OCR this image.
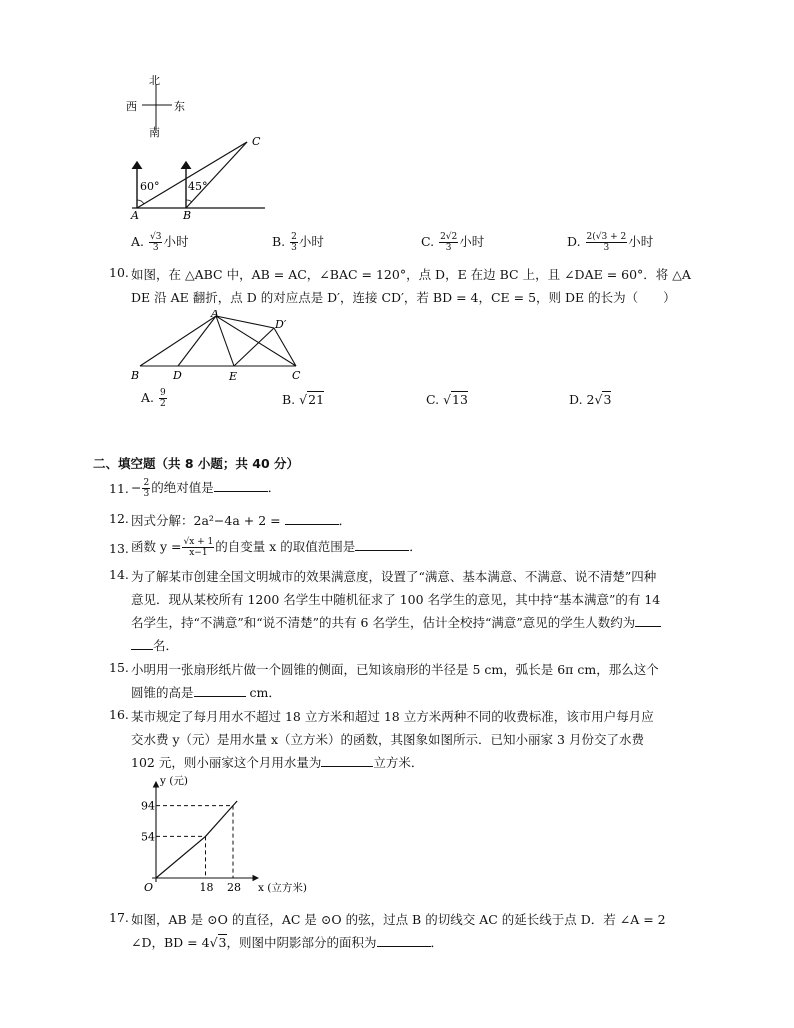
北
南
西	东
60°	45°
A	B
C
A. $\frac{√3}{3}$ 小时	B. $\frac{2}{3}$ 小时	C. $\frac{2√2}{3}$ 小时	D. $\frac{2(√3 + 2}{3}$ 小时
10. 如图，在 △ABC 中，AB = AC，∠BAC = 120°，点 D，E 在边 BC 上，且 ∠DAE = 60°．将 △A
DE 沿 AE 翻折，点 D 的对应点是 D′，连接 CD′，若 BD = 4，CE = 5，则 DE 的长为（　　）
A
B	D	E	C
D′
A. $\frac{9}{2}$	B. √21	C. √13	D. 2√3
二、填空题（共 8 小题；共 40 分）
11. − $\frac{2}{3}$ 的绝对值是	．
12. 因式分解：2a²−4a + 2 =	．
13. 函数 $y = \frac{√x + 1}{x-1}$ 的自变量 x 的取值范围是	．
14. 为了解某市创建全国文明城市的效果满意度，设置了“满意、基本满意、不满意、说不清楚”四种
意见．现从某校所有 1200 名学生中随机征求了 100 名学生的意见，其中持“基本满意”的有 14
名学生，持“不满意”和“说不清楚”的共有 6 名学生，估计全校持“满意”意见的学生人数约为
名．
15. 小明用一张扇形纸片做一个圆锥的侧面，已知该扇形的半径是 5 cm，弧长是 6π cm，那么这个
圆锥的高是	cm．
16. 某市规定了每月用水不超过 18 立方米和超过 18 立方米两种不同的收费标准，该市用户每月应
交水费 y（元）是用水量 x（立方米）的函数，其图象如图所示．已知小丽家 3 月份交了水费
102 元，则小丽家这个月用水量为	立方米．
18 28
54
94
O	x (立方米)
y (元)
17. 如图，AB 是 ⊙O 的直径，AC 是 ⊙O 的弦，过点 B 的切线交 AC 的延长线于点 D．若 ∠A = 2
∠D，BD = 4√3，则图中阴影部分的面积为	．
